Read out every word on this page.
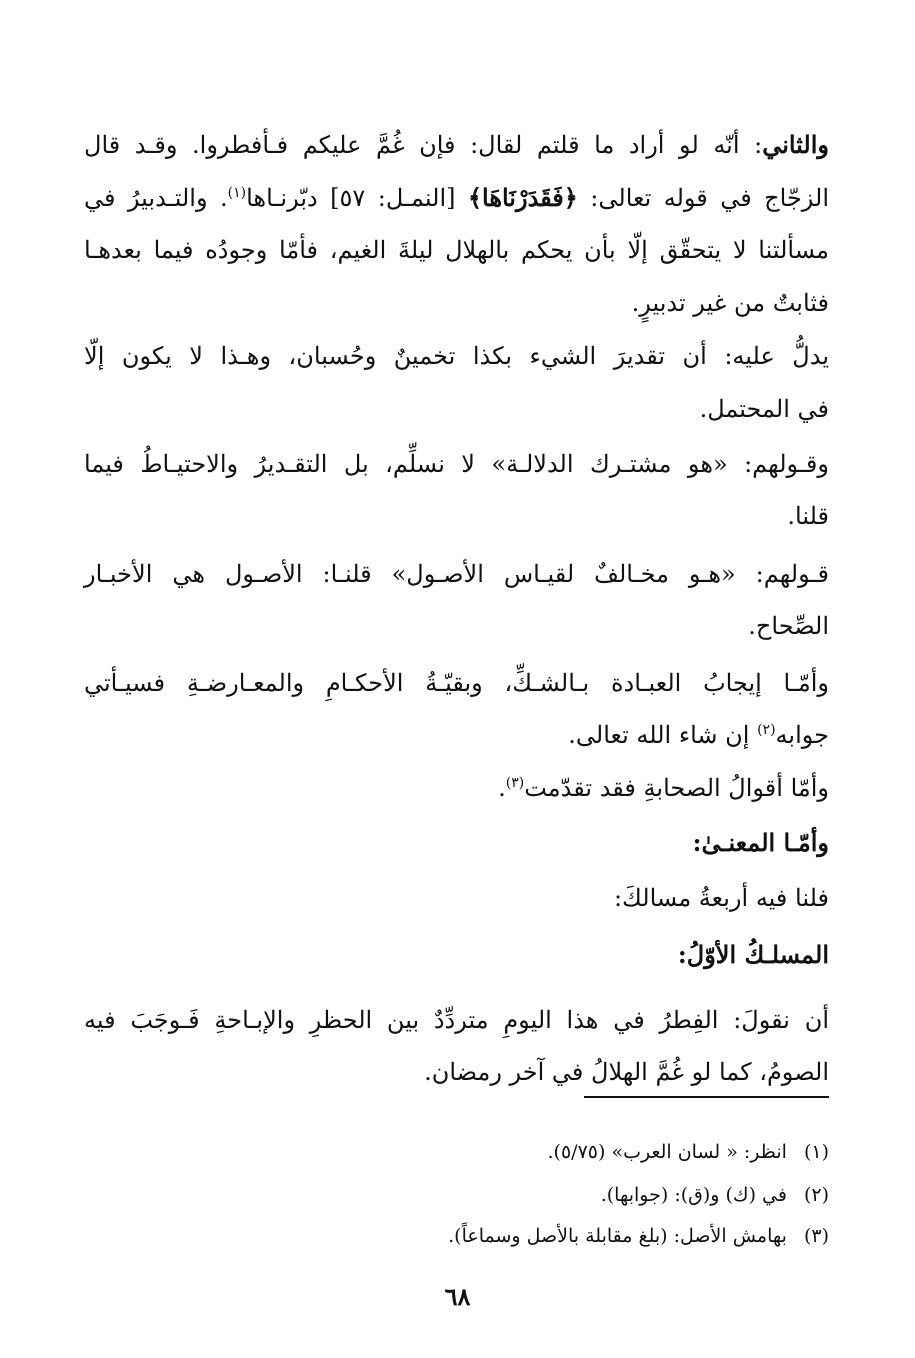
والثاني: أنّه لو أراد ما قلتم لقال: فإن غُمَّ عليكم فـأفطروا. وقـد قال
الزجّاج في قوله تعالى: ﴿فَقَدَرْنَاهَا﴾ [النمـل: ٥٧] دبّرنـاها$^{(١)}$. والتـدبيرُ في
مسألتنا لا يتحقّق إلّا بأن يحكم بالهلال ليلةَ الغيم، فأمّا وجودُه فيما بعدهـا
فثابتٌ من غير تدبيرٍ.
يدلُّ عليه: أن تقديرَ الشيء بكذا تخمينٌ وحُسبان، وهـذا لا يكون إلّا
في المحتمل.
وقـولهم: «هو مشتـرك الدلالـة» لا نسلِّم، بل التقـديرُ والاحتيـاطُ فيما
قلنا.
قـولهم: «هـو مخـالفٌ لقيـاس الأصـول» قلنـا: الأصـول هي الأخبـار
الصِّحاح.
وأمّـا إيجابُ العبـادة بـالشـكِّ، وبقيّـةُ الأحكـامِ والمعـارضـةِ فسيـأتي
جوابه$^{(٢)}$ إن شاء الله تعالى.
وأمّا أقوالُ الصحابةِ فقد تقدّمت$^{(٣)}$.
وأمّـا المعنـىٰ:
فلنا فيه أربعةُ مسالكَ:
المسلـكُ الأوّلُ:
أن نقولَ: الفِطرُ في هذا اليومِ متردِّدٌ بين الحظرِ والإبـاحةِ فَـوجَبَ فيه
الصومُ، كما لو غُمَّ الهلالُ في آخر رمضان.
(١) انظر: « لسان العرب» (٥/٧٥).
(٢) في (ك) و(ق): (جوابها).
(٣) بهامش الأصل: (بلغ مقابلة بالأصل وسماعاً).
٦٨
